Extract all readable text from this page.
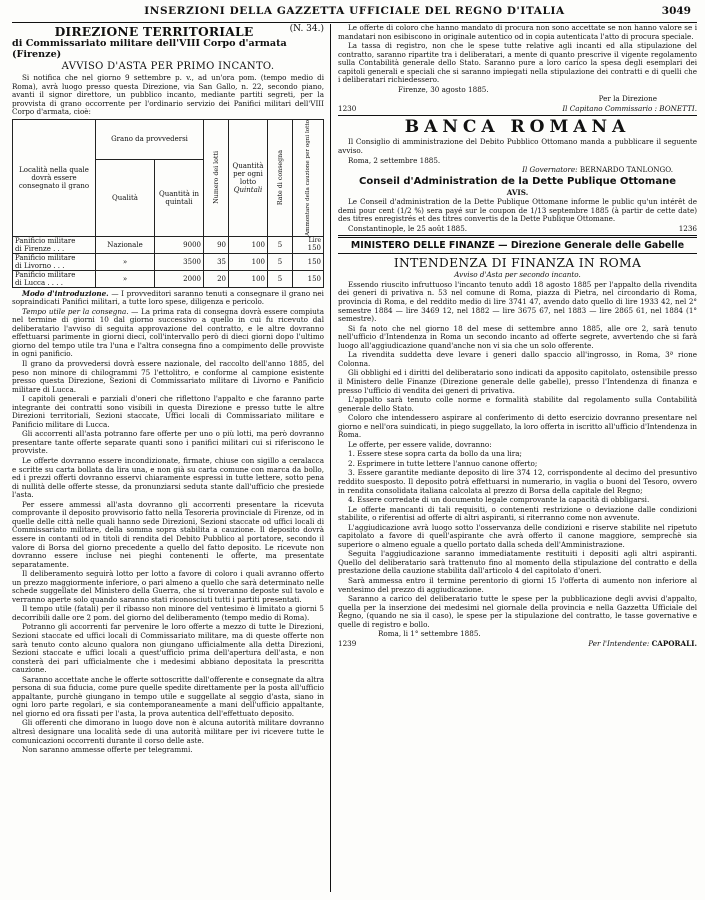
INSERZIONI DELLA GAZZETTA UFFICIALE DEL REGNO D'ITALIA	3049
DIREZIONE TERRITORIALE	(N. 34.)
di Commissariato militare dell'VIII Corpo d'armata (Firenze)
AVVISO D'ASTA PER PRIMO INCANTO.

Si notifica che nel giorno 9 settembre p. v., ad un'ora pom. (tempo medio di Roma), avrà luogo presso questa Direzione, via San Gallo, n. 22, secondo piano, avanti il signor direttore, un pubblico incanto, mediante partiti segreti, per la provvista di grano occorrente per l'ordinario servizio dei Panifici militari dell'VIII Corpo d'armata, cioè:

Località nella quale dovrà essere consegnato il grano	Grano da provvedersi		Numero dei lotti	Quantità per ogni lotto
Quintali	Rate di consegna	Ammontare della cauzione per ogni lotto

	Qualità	Quantità in quintali				
Panificio militare
di Firenze . . .	Nazionale	9000	90	100	5	Lire
150
Panificio militare
di Livorno . . .	»	3500	35	100	5	150
Panificio militare
di Lucca . . . .	»	2000	20	100	5	150

Modo d'introduzione. — I provveditori saranno tenuti a consegnare il grano nei sopraindicati Panifici militari, a tutte loro spese, diligenza e pericolo.

Tempo utile per la consegna. — La prima rata di consegna dovrà essere compiuta nel termine di giorni 10 dal giorno successivo a quello in cui fu ricevuto dal deliberatario l'avviso di seguita approvazione del contratto, e le altre dovranno effettuarsi parimente in giorni dieci, coll'intervallo però di dieci giorni dopo l'ultimo giorno del tempo utile tra l'una e l'altra consegna fino a compimento delle provviste in ogni panificio.

Il grano da provvedersi dovrà essere nazionale, del raccolto dell'anno 1885, del peso non minore di chilogrammi 75 l'ettolitro, e conforme al campione esistente presso questa Direzione, Sezioni di Commissariato militare di Livorno e Panificio militare di Lucca.

I capitoli generali e parziali d'oneri che riflettono l'appalto e che faranno parte integrante dei contratti sono visibili in questa Direzione e presso tutte le altre Direzioni territoriali, Sezioni staccate, Uffici locali di Commissariato militare e Panificio militare di Lucca.

Gli accorrenti all'asta potranno fare offerte per uno o più lotti, ma però dovranno presentare tante offerte separate quanti sono i panifici militari cui si riferiscono le provviste.

Le offerte dovranno essere incondizionate, firmate, chiuse con sigillo a ceralacca e scritte su carta bollata da lira una, e non già su carta comune con marca da bollo, ed i prezzi offerti dovranno esservi chiaramente espressi in tutte lettere, sotto pena di nullità delle offerte stesse, da pronunziarsi seduta stante dall'ufficio che presiede l'asta.

Per essere ammessi all'asta dovranno gli accorrenti presentare la ricevuta comprovante il deposito provvisorio fatto nella Tesoreria provinciale di Firenze, od in quelle delle città nelle quali hanno sede Direzioni, Sezioni staccate od uffici locali di Commissariato militare, della somma sopra stabilita a cauzione. Il deposito dovrà essere in contanti od in titoli di rendita del Debito Pubblico al portatore, secondo il valore di Borsa del giorno precedente a quello del fatto deposito. Le ricevute non dovranno essere incluse nei pieghi contenenti le offerte, ma presentate separatamente.

Il deliberamento seguirà lotto per lotto a favore di coloro i quali avranno offerto un prezzo maggiormente inferiore, o pari almeno a quello che sarà determinato nelle schede suggellate del Ministero della Guerra, che si troveranno deposte sul tavolo e verranno aperte solo quando saranno stati riconosciuti tutti i partiti presentati.

Il tempo utile (fatali) per il ribasso non minore del ventesimo è limitato a giorni 5 decorribili dalle ore 2 pom. del giorno del deliberamento (tempo medio di Roma).

Potranno gli accorrenti far pervenire le loro offerte a mezzo di tutte le Direzioni, Sezioni staccate ed uffici locali di Commissariato militare, ma di queste offerte non sarà tenuto conto alcuno qualora non giungano ufficialmente alla detta Direzioni, Sezioni staccate e uffici locali a quest'ufficio prima dell'apertura dell'asta, e non consterà dei pari ufficialmente che i medesimi abbiano depositata la prescritta cauzione.

Saranno accettate anche le offerte sottoscritte dall'offerente e consegnate da altra persona di sua fiducia, come pure quelle spedite direttamente per la posta all'ufficio appaltante, purchè giungano in tempo utile e suggellate al seggio d'asta, siano in ogni loro parte regolari, e sia contemporaneamente a mani dell'ufficio appaltante, nel giorno ed ora fissati per l'asta, la prova autentica dell'effettuato deposito.

Gli offerenti che dimorano in luogo dove non è alcuna autorità militare dovranno altresì designare una località sede di una autorità militare per ivi ricevere tutte le comunicazioni occorrenti durante il corso delle aste.

Non saranno ammesse offerte per telegrammi.

Le offerte di coloro che hanno mandato di procura non sono accettate se non hanno valore se i mandatari non esibiscono in originale autentico od in copia autenticata l'atto di procura speciale.

La tassa di registro, non che le spese tutte relative agli incanti ed alla stipulazione del contratto, saranno ripartite tra i deliberatari, a mente di quanto prescrive il vigente regolamento sulla Contabilità generale dello Stato. Saranno pure a loro carico la spesa degli esemplari dei capitoli generali e speciali che si saranno impiegati nella stipulazione dei contratti e di quelli che i deliberatari richiedessero.

Firenze, 30 agosto 1885.

Per la Direzione

1230	Il Capitano Commissario : BONETTI.
BANCA ROMANA

Il Consiglio di amministrazione del Debito Pubblico Ottomano manda a pubblicare il seguente avviso.

Roma, 2 settembre 1885.

Il Governatore: BERNARDO TANLONGO.

Conseil d'Administration de la Dette Publique Ottomane

AVIS.

Le Conseil d'administration de la Dette Publique Ottomane informe le public qu'un intérêt de demi pour cent (1/2 %) sera payé sur le coupon de 1/13 septembre 1885 (à partir de cette date) des titres enregistrés et des titres convertis de la Dette Publique Ottomane.

Constantinople, le 25 août 1885.	1236
MINISTERO DELLE FINANZE — Direzione Generale delle Gabelle
INTENDENZA DI FINANZA IN ROMA

Avviso d'Asta per secondo incanto.

Essendo riuscito infruttuoso l'incanto tenuto addì 18 agosto 1885 per l'appalto della rivendita dei generi di privativa n. 53 nel comune di Roma, piazza di Pietra, nel circondario di Roma, provincia di Roma, e del reddito medio di lire 3741 47, avendo dato quello di lire 1933 42, nel 2° semestre 1884 — lire 3469 12, nel 1882 — lire 3675 67, nel 1883 — lire 2865 61, nel 1884 (1° semestre).

Si fa noto che nel giorno 18 del mese di settembre anno 1885, alle ore 2, sarà tenuto nell'ufficio d'Intendenza in Roma un secondo incanto ad offerte segrete, avvertendo che si farà luogo all'aggiudicazione quand'anche non vi sia che un solo offerente.

La rivendita suddetta deve levare i generi dallo spaccio all'ingrosso, in Roma, 3ª rione Colonna.

Gli obblighi ed i diritti del deliberatario sono indicati da apposito capitolato, ostensibile presso il Ministero delle Finanze (Direzione generale delle gabelle), presso l'Intendenza di finanza e presso l'ufficio di vendita dei generi di privativa.

L'appalto sarà tenuto colle norme e formalità stabilite dal regolamento sulla Contabilità generale dello Stato.

Coloro che intendessero aspirare al conferimento di detto esercizio dovranno presentare nel giorno e nell'ora suindicati, in piego suggellato, la loro offerta in iscritto all'ufficio d'Intendenza in Roma.

Le offerte, per essere valide, dovranno:

1. Essere stese sopra carta da bollo da una lira;

2. Esprimere in tutte lettere l'annuo canone offerto;

3. Essere garantite mediante deposito di lire 374 12, corrispondente al decimo del presuntivo reddito suesposto. Il deposito potrà effettuarsi in numerario, in vaglia o buoni del Tesoro, ovvero in rendita consolidata italiana calcolata al prezzo di Borsa della capitale del Regno;

4. Essere corredate di un documento legale comprovante la capacità di obbligarsi.

Le offerte mancanti di tali requisiti, o contenenti restrizione o deviazione dalle condizioni stabilite, o riferentisi ad offerte di altri aspiranti, si riterranno come non avvenute.

L'aggiudicazione avrà luogo sotto l'osservanza delle condizioni e riserve stabilite nel ripetuto capitolato a favore di quell'aspirante che avrà offerto il canone maggiore, semprechè sia superiore o almeno eguale a quello portato dalla scheda dell'Amministrazione.

Seguita l'aggiudicazione saranno immediatamente restituiti i depositi agli altri aspiranti. Quello del deliberatario sarà trattenuto fino al momento della stipulazione del contratto e della prestazione della cauzione stabilita dall'articolo 4 del capitolato d'oneri.

Sarà ammessa entro il termine perentorio di giorni 15 l'offerta di aumento non inferiore al ventesimo del prezzo di aggiudicazione.

Saranno a carico del deliberatario tutte le spese per la pubblicazione degli avvisi d'appalto, quella per la inserzione dei medesimi nel giornale della provincia e nella Gazzetta Ufficiale del Regno, (quando ne sia il caso), le spese per la stipulazione del contratto, le tasse governative e quelle di registro e bollo.

Roma, li 1° settembre 1885.

1239	Per l'Intendente: CAPORALI.
